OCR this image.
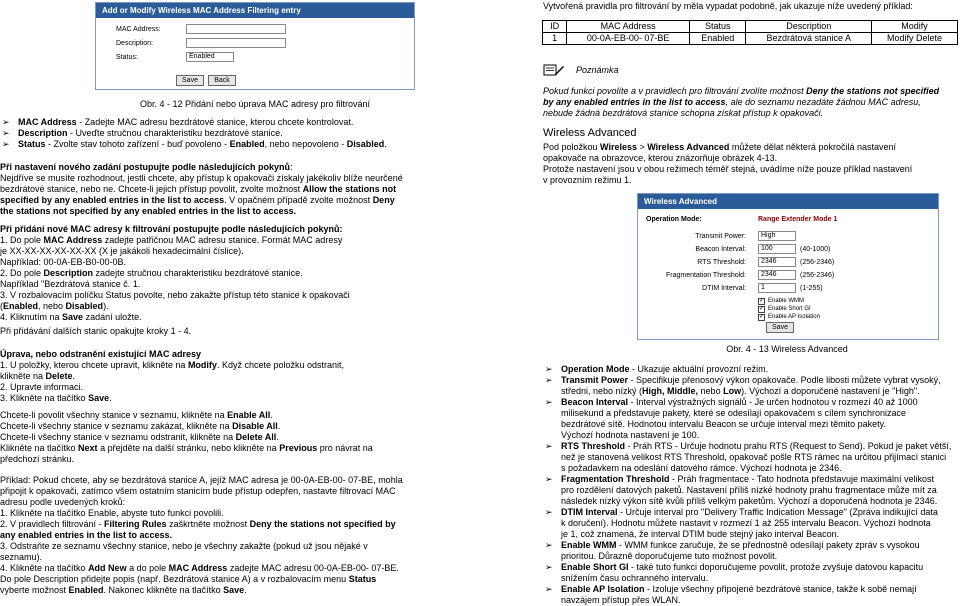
Add or Modify Wireless MAC Address Filtering entry
MAC Address:
Description:
Status:	Enabled
Save	Back
Obr. 4 - 12 Přidání nebo úprava MAC adresy pro filtrování
➢ MAC Address - Zadejte MAC adresu bezdrátové stanice, kterou chcete kontrolovat.
➢ Description - Uveďte stručnou charakteristiku bezdrátové stanice.
➢ Status - Zvolte stav tohoto zařízení - buď povoleno - Enabled, nebo nepovoleno - Disabled.

Při nastavení nového zadání postupujte podle následujících pokynů:

Nejdříve se musíte rozhodnout, jestli chcete, aby přístup k opakovači získaly jakékoliv blíže neurčené

bezdrátové stanice, nebo ne. Chcete-li jejich přístup povolit, zvolte možnost Allow the stations not

specified by any enabled entries in the list to access. V opačném případě zvolte možnost Deny

the stations not specified by any enabled entries in the list to access.

Při přidání nové MAC adresy k filtrování postupujte podle následujících pokynů:

1. Do pole MAC Address zadejte patřičnou MAC adresu stanice. Formát MAC adresy

je XX-XX-XX-XX-XX-XX (X je jakákoli hexadecimální číslice).

Například: 00-0A-EB-B0-00-0B.

2. Do pole Description zadejte stručnou charakteristiku bezdrátové stanice.

Například "Bezdrátová stanice č. 1.

3. V rozbalovacím políčku Status povolte, nebo zakažte přístup této stanice k opakovači

(Enabled, nebo Disabled).

4. Kliknutím na Save zadání uložte.

Při přidávání dalších stanic opakujte kroky 1 - 4.

Úprava, nebo odstranění existující MAC adresy

1. U položky, kterou chcete upravit, klikněte na Modify. Když chcete položku odstranit,

klikněte na Delete.

2. Upravte informaci.

3. Klikněte na tlačítko Save.

Chcete-li povolit všechny stanice v seznamu, klikněte na Enable All.

Chcete-li všechny stanice v seznamu zakázat, klikněte na Disable All.

Chcete-li všechny stanice v seznamu odstranit, klikněte na Delete All.

Klikněte na tlačítko Next a přejděte na další stránku, nebo klikněte na Previous pro návrat na

předchozí stránku.

Příklad: Pokud chcete, aby se bezdrátová stanice A, jejíž MAC adresa je 00-0A-EB-00- 07-BE, mohla

připojit k opakovači, zatímco všem ostatním stanicím bude přístup odepřen, nastavte filtrovací MAC

adresu podle uvedených kroků:

1. Klikněte na tlačítko Enable, abyste tuto funkci povolili.

2. V pravidlech filtrování - Filtering Rules zaškrtněte možnost Deny the stations not specified by

any enabled entries in the list to access.

3. Odstraňte ze seznamu všechny stanice, nebo je všechny zakažte (pokud už jsou nějaké v

seznamu).

4. Klikněte na tlačítko Add New a do pole MAC Address zadejte MAC adresu 00-0A-EB-00- 07-BE.

Do pole Description přidejte popis (např. Bezdrátová stanice A) a v rozbalovacím menu Status

vyberte možnost Enabled. Nakonec klikněte na tlačítko Save.

Vytvořená pravidla pro filtrování by měla vypadat podobně, jak ukazuje níže uvedený příklad:
ID	MAC Address	Status	Description	Modify
1	00-0A-EB-00- 07-BE	Enabled	Bezdrátová stanice A	Modify Delete
Poznámka

Pokud funkci povolíte a v pravidlech pro filtrování zvolíte možnost Deny the stations not specified

by any enabled entries in the list to access, ale do seznamu nezadáte žádnou MAC adresu,

nebude žádná bezdrátová stanice schopna získat přístup k opakovači.

Wireless Advanced

Pod položkou Wireless > Wireless Advanced můžete dělat některá pokročilá nastavení

opakovače na obrazovce, kterou znázorňuje obrázek 4-13.

Protože nastavení jsou v obou režimech téměř stejná, uvádíme níže pouze příklad nastavení

v provozním režimu 1.

Wireless Advanced
Operation Mode:	Range Extender Mode 1
Transmit Power:	High
Beacon Interval:	100	(40-1000)
RTS Threshold:	2346	(256-2346)
Fragmentation Threshold:	2346	(256-2346)
DTIM Interval:	1	(1-255)
✓ Enable WMM
✓ Enable Short GI
✓ Enable AP Isolation
Save
Obr. 4 - 13 Wireless Advanced
➢ Operation Mode - Ukazuje aktuální provozní režim.
➢ Transmit Power - Specifikuje přenosový výkon opakovače. Podle libosti můžete vybrat vysoký,
středni, nebo nízký (High, Middle, nebo Low). Výchozí a doporučené nastavení je "High".
➢ Beacon Interval - Interval výstražných signálů - Je určen hodnotou v rozmezí 40 až 1000
milisekund a představuje pakety, které se odesílají opakovačem s cílem synchronizace
bezdrátové sítě. Hodnotou intervalu Beacon se určuje interval mezi těmito pakety.
Výchozí hodnota nastavení je 100.
➢ RTS Threshold - Práh RTS - Určuje hodnotu prahu RTS (Request to Send). Pokud je paket větší,
než je stanovená velikost RTS Threshold, opakovač pošle RTS rámec na určitou přijímací stanici
s požadavkem na odeslání datového rámce. Výchozí hodnota je 2346.
➢ Fragmentation Threshold - Práh fragmentace - Tato hodnota představuje maximální velikost
pro rozdělení datových paketů. Nastavení příliš nízké hodnoty prahu fragmentace může mít za
následek nízký výkon sítě kvůli příliš velkým paketům. Výchozí a doporučená hodnota je 2346.
➢ DTIM Interval - Určuje interval pro "Delivery Traffic Indication Message" (Zpráva indikující data
k doručení). Hodnotu můžete nastavit v rozmezí 1 až 255 intervalu Beacon. Výchozí hodnota
je 1, což znamená, že interval DTIM bude stejný jako interval Beacon.
➢ Enable WMM - WMM funkce zaručuje, že se přednostně odesílají pakety zpráv s vysokou
prioritou. Důrazně doporučujeme tuto možnost povolit.
➢ Enable Short GI - také tuto funkci doporučujeme povolit, protože zvyšuje datovou kapacitu
snížením času ochranného intervalu.
➢ Enable AP Isolation - Izoluje všechny připojené bezdrátové stanice, takže k sobě nemají
navzájem přístup přes WLAN.
